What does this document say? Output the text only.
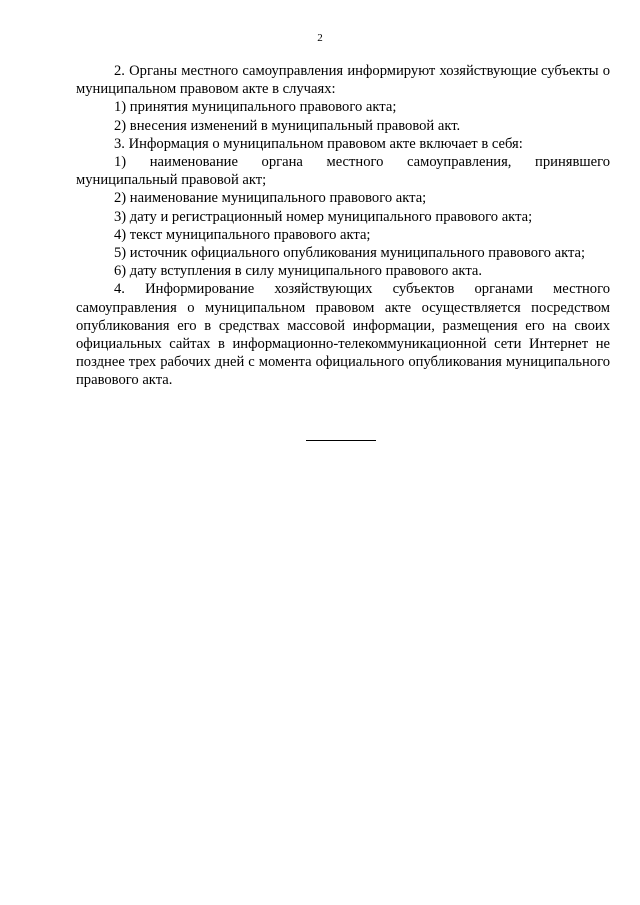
2

2. Органы местного самоуправления информируют хозяйствующие субъекты о муниципальном правовом акте в случаях:

1) принятия муниципального правового акта;

2) внесения изменений в муниципальный правовой акт.

3. Информация о муниципальном правовом акте включает в себя:

1) наименование органа местного самоуправления, принявшего муниципальный правовой акт;

2) наименование муниципального правового акта;

3) дату и регистрационный номер муниципального правового акта;

4) текст муниципального правового акта;

5) источник официального опубликования муниципального правового акта;

6) дату вступления в силу муниципального правового акта.

4. Информирование хозяйствующих субъектов органами местного самоуправления о муниципальном правовом акте осуществляется посредством опубликования его в средствах массовой информации, размещения его на своих официальных сайтах в информационно-телекоммуникационной сети Интернет не позднее трех рабочих дней с момента официального опубликования муниципального правового акта.
